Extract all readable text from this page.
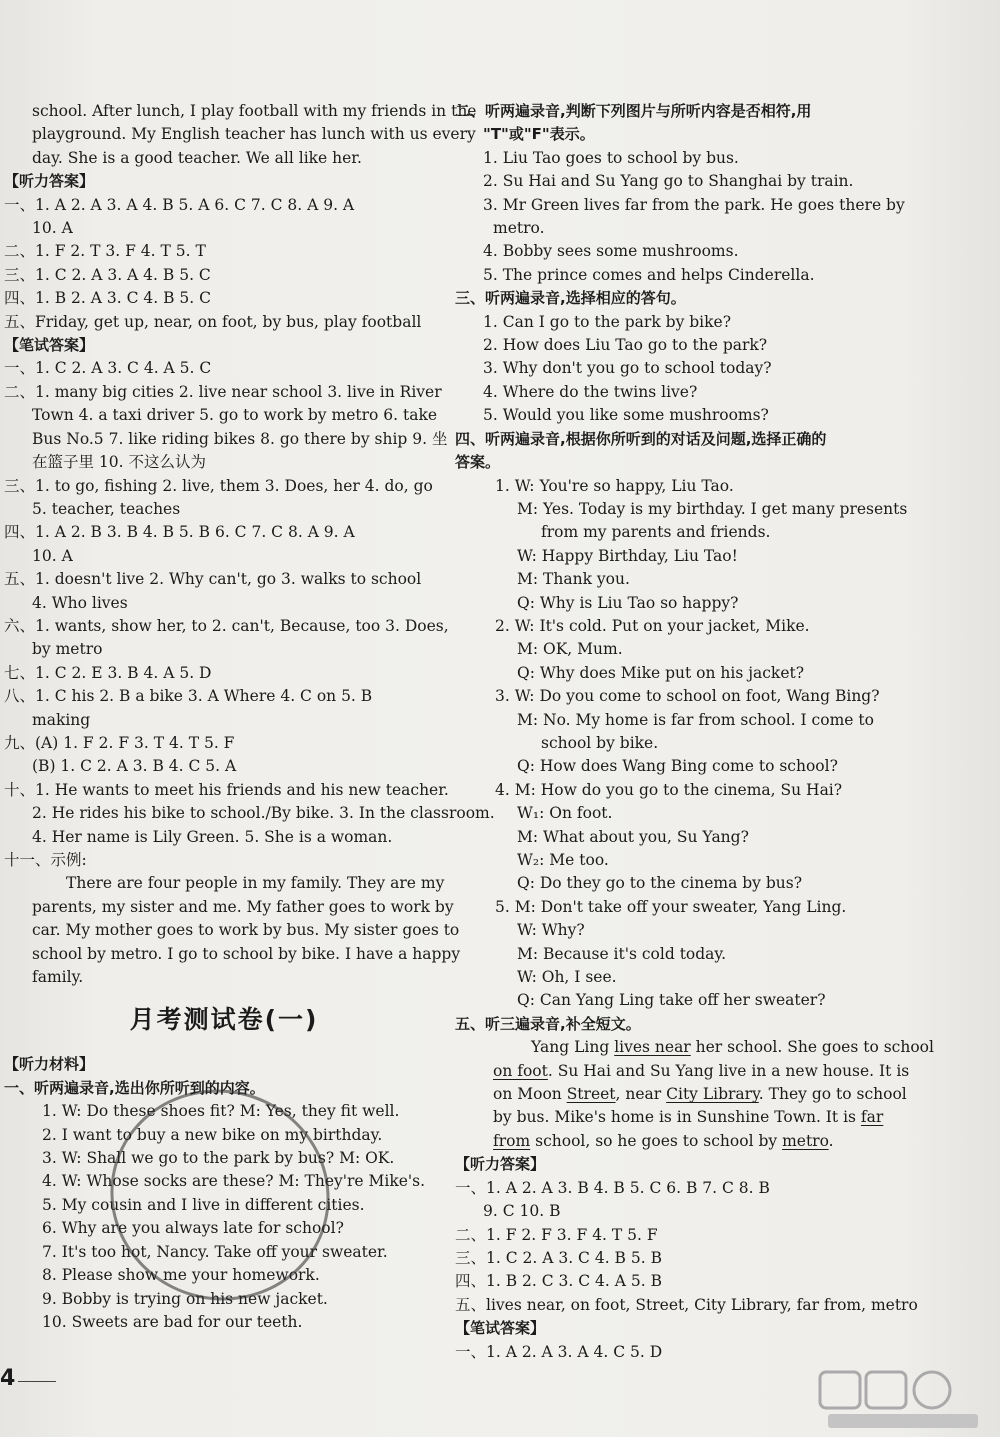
school. After lunch, I play football with my friends in the
playground. My English teacher has lunch with us every
day. She is a good teacher. We all like her.
【听力答案】
一、1. A 2. A 3. A 4. B 5. A 6. C 7. C 8. A 9. A
10. A
二、1. F 2. T 3. F 4. T 5. T
三、1. C 2. A 3. A 4. B 5. C
四、1. B 2. A 3. C 4. B 5. C
五、Friday, get up, near, on foot, by bus, play football
【笔试答案】
一、1. C 2. A 3. C 4. A 5. C
二、1. many big cities 2. live near school 3. live in River
Town 4. a taxi driver 5. go to work by metro 6. take
Bus No.5 7. like riding bikes 8. go there by ship 9. 坐
在篮子里 10. 不这么认为
三、1. to go, fishing 2. live, them 3. Does, her 4. do, go
5. teacher, teaches
四、1. A 2. B 3. B 4. B 5. B 6. C 7. C 8. A 9. A
10. A
五、1. doesn't live 2. Why can't, go 3. walks to school
4. Who lives
六、1. wants, show her, to 2. can't, Because, too 3. Does,
by metro
七、1. C 2. E 3. B 4. A 5. D
八、1. C his 2. B a bike 3. A Where 4. C on 5. B
making
九、(A) 1. F 2. F 3. T 4. T 5. F
(B) 1. C 2. A 3. B 4. C 5. A
十、1. He wants to meet his friends and his new teacher.
2. He rides his bike to school./By bike. 3. In the classroom.
4. Her name is Lily Green. 5. She is a woman.
十一、示例:
There are four people in my family. They are my
parents, my sister and me. My father goes to work by
car. My mother goes to work by bus. My sister goes to
school by metro. I go to school by bike. I have a happy
family.
月考测试卷(一)
【听力材料】
一、听两遍录音,选出你所听到的内容。
1. W: Do these shoes fit? M: Yes, they fit well.
2. I want to buy a new bike on my birthday.
3. W: Shall we go to the park by bus? M: OK.
4. W: Whose socks are these? M: They're Mike's.
5. My cousin and I live in different cities.
6. Why are you always late for school?
7. It's too hot, Nancy. Take off your sweater.
8. Please show me your homework.
9. Bobby is trying on his new jacket.
10. Sweets are bad for our teeth.
二、听两遍录音,判断下列图片与所听内容是否相符,用
"T"或"F"表示。
1. Liu Tao goes to school by bus.
2. Su Hai and Su Yang go to Shanghai by train.
3. Mr Green lives far from the park. He goes there by
metro.
4. Bobby sees some mushrooms.
5. The prince comes and helps Cinderella.
三、听两遍录音,选择相应的答句。
1. Can I go to the park by bike?
2. How does Liu Tao go to the park?
3. Why don't you go to school today?
4. Where do the twins live?
5. Would you like some mushrooms?
四、听两遍录音,根据你所听到的对话及问题,选择正确的
答案。
1. W: You're so happy, Liu Tao.
M: Yes. Today is my birthday. I get many presents
from my parents and friends.
W: Happy Birthday, Liu Tao!
M: Thank you.
Q: Why is Liu Tao so happy?
2. W: It's cold. Put on your jacket, Mike.
M: OK, Mum.
Q: Why does Mike put on his jacket?
3. W: Do you come to school on foot, Wang Bing?
M: No. My home is far from school. I come to
school by bike.
Q: How does Wang Bing come to school?
4. M: How do you go to the cinema, Su Hai?
W₁: On foot.
M: What about you, Su Yang?
W₂: Me too.
Q: Do they go to the cinema by bus?
5. M: Don't take off your sweater, Yang Ling.
W: Why?
M: Because it's cold today.
W: Oh, I see.
Q: Can Yang Ling take off her sweater?
五、听三遍录音,补全短文。
Yang Ling lives near her school. She goes to school
on foot. Su Hai and Su Yang live in a new house. It is
on Moon Street, near City Library. They go to school
by bus. Mike's home is in Sunshine Town. It is far
from school, so he goes to school by metro.
【听力答案】
一、1. A 2. A 3. B 4. B 5. C 6. B 7. C 8. B
9. C 10. B
二、1. F 2. F 3. F 4. T 5. F
三、1. C 2. A 3. C 4. B 5. B
四、1. B 2. C 3. C 4. A 5. B
五、lives near, on foot, Street, City Library, far from, metro
【笔试答案】
一、1. A 2. A 3. A 4. C 5. D
4
